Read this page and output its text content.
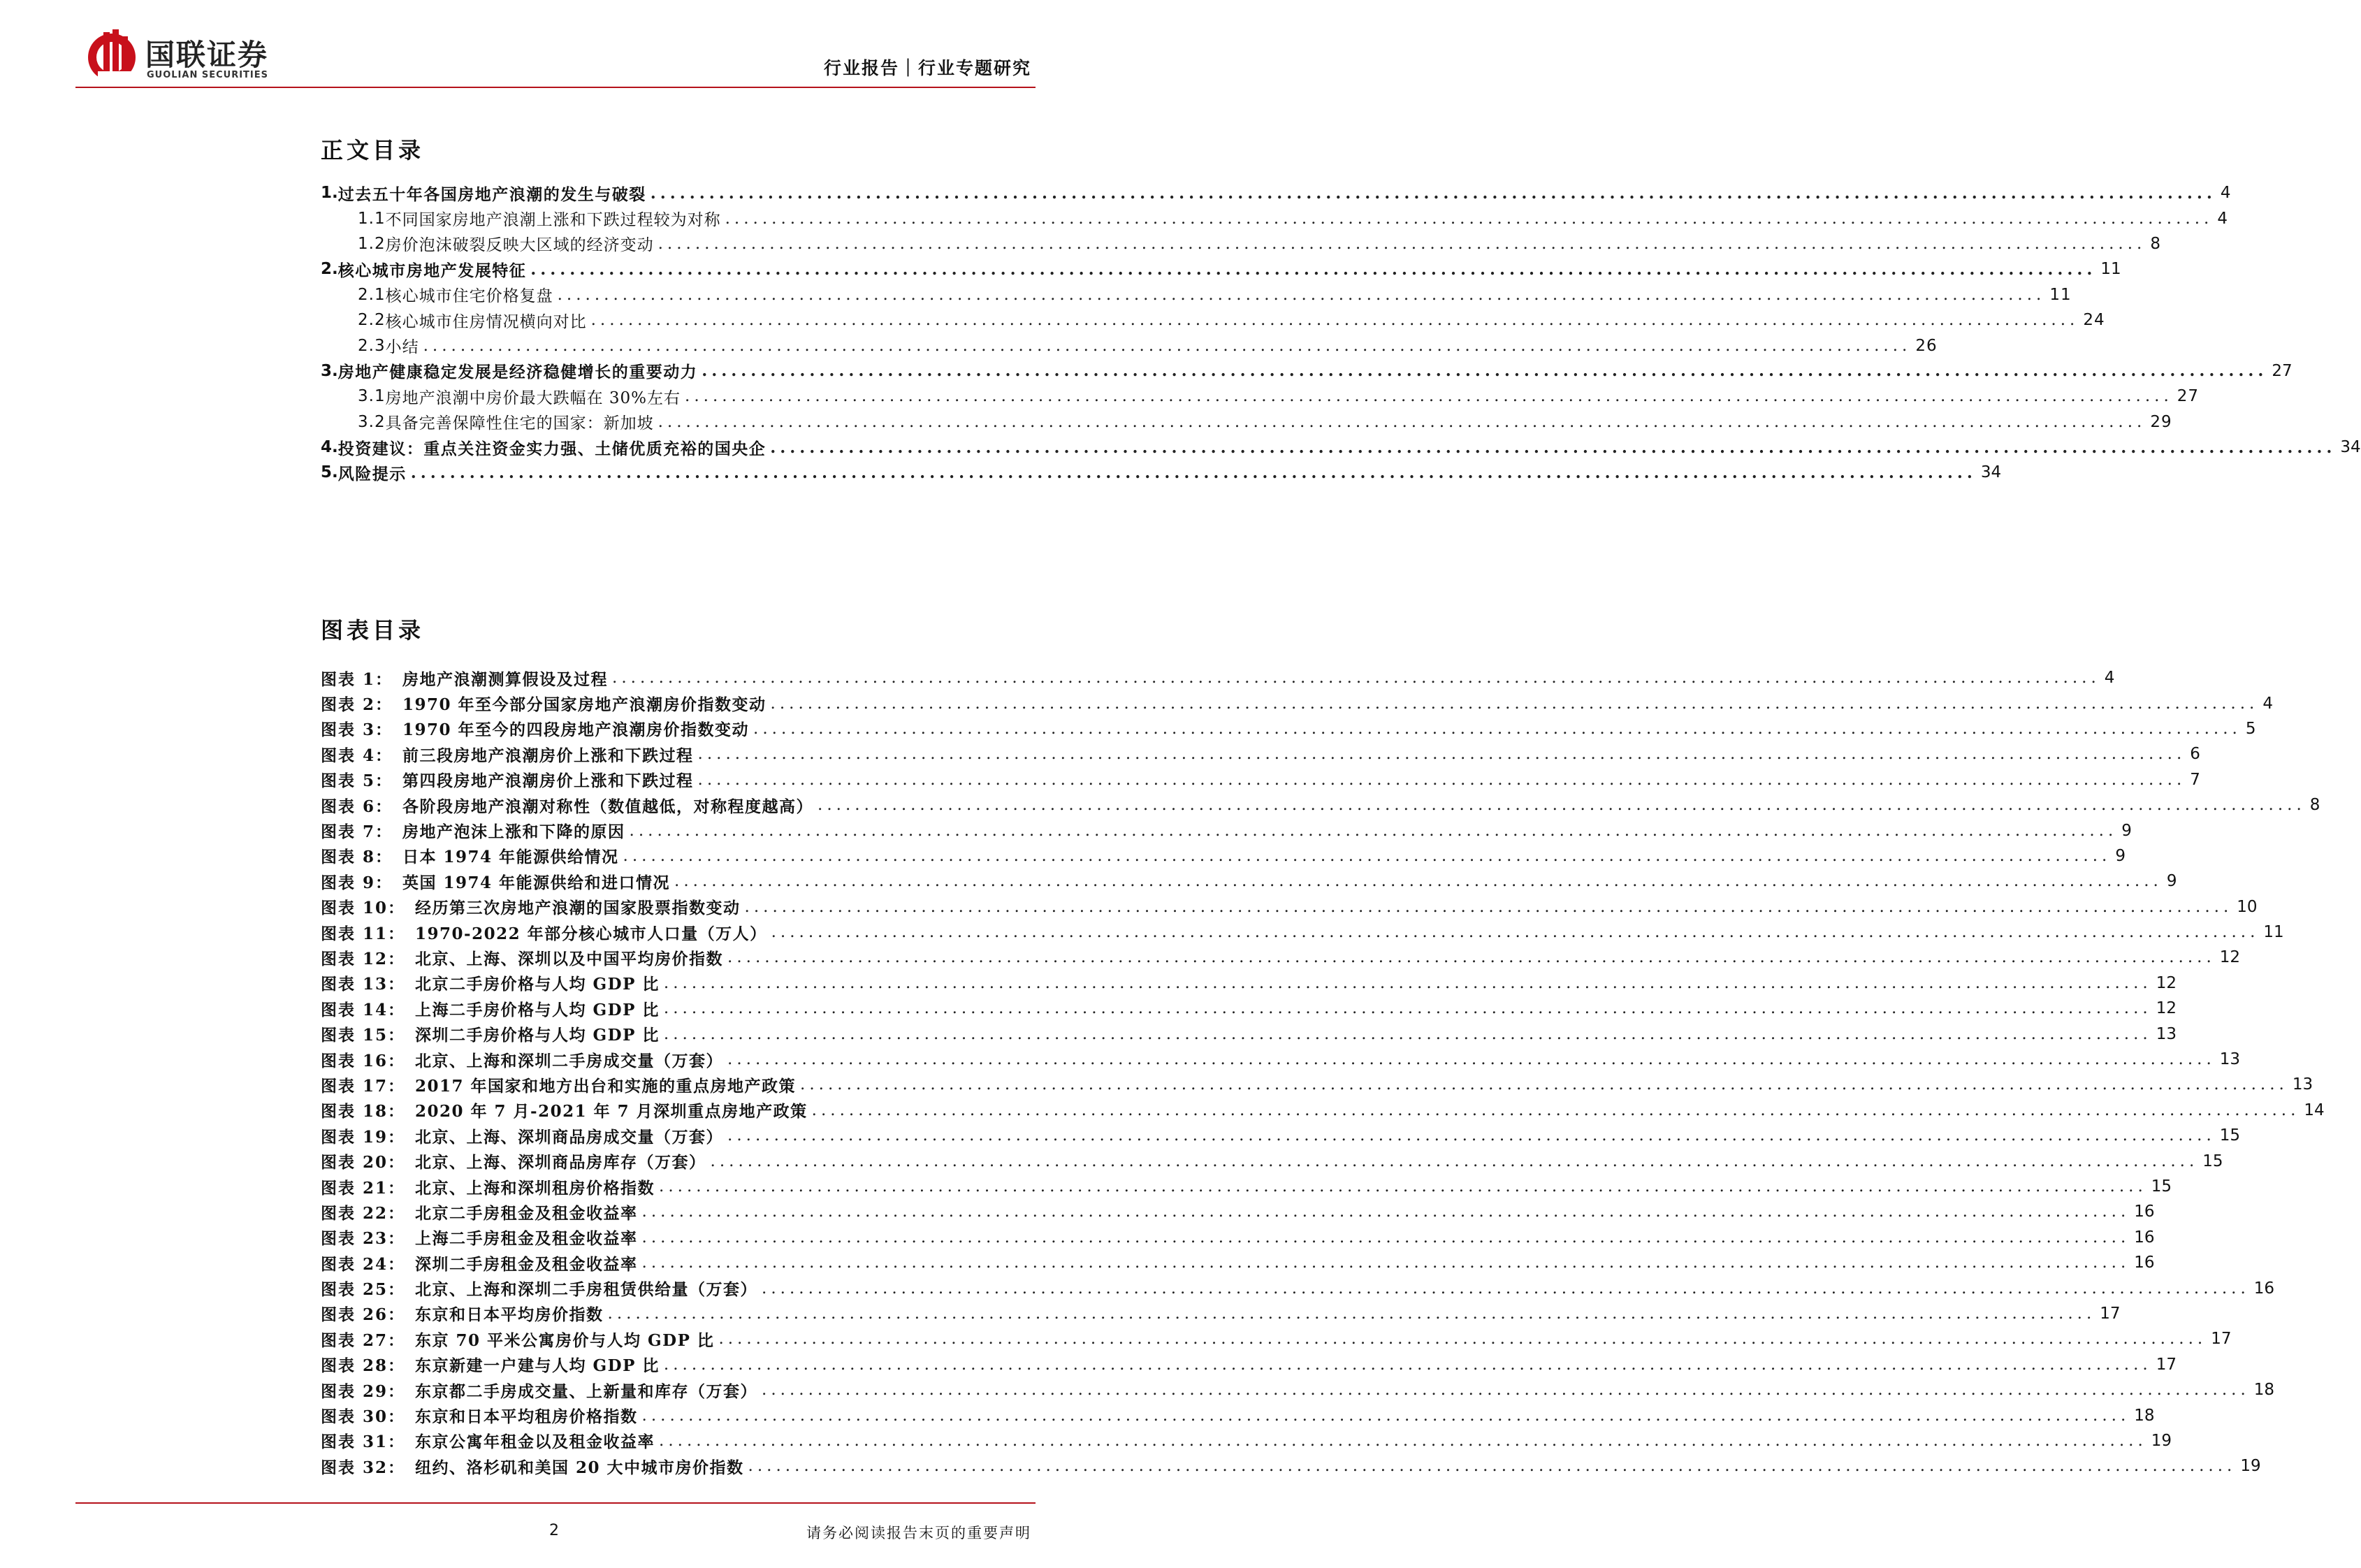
国联证券
GUOLIAN SECURITIES	行业报告｜行业专题研究
正文目录
1. 过去五十年各国房地产浪潮的发生与破裂 ................................................................................................................................................................ 4
1.1 不同国家房地产浪潮上涨和下跌过程较为对称 ................................................................................................................................................................ 4
1.2 房价泡沫破裂反映大区域的经济变动 ................................................................................................................................................................ 8
2. 核心城市房地产发展特征 ................................................................................................................................................................ 11
2.1 核心城市住宅价格复盘 ................................................................................................................................................................ 11
2.2 核心城市住房情况横向对比 ................................................................................................................................................................ 24
2.3 小结 ................................................................................................................................................................ 26
3. 房地产健康稳定发展是经济稳健增长的重要动力 ................................................................................................................................................................ 27
3.1 房地产浪潮中房价最大跌幅在 30%左右 ................................................................................................................................................................ 27
3.2 具备完善保障性住宅的国家：新加坡 ................................................................................................................................................................ 29
4. 投资建议：重点关注资金实力强、土储优质充裕的国央企 ................................................................................................................................................................ 34
5. 风险提示 ................................................................................................................................................................ 34
图表目录
图表 1： 房地产浪潮测算假设及过程 ................................................................................................................................................................ 4
图表 2： 1970 年至今部分国家房地产浪潮房价指数变动 ................................................................................................................................................................ 4
图表 3： 1970 年至今的四段房地产浪潮房价指数变动 ................................................................................................................................................................ 5
图表 4： 前三段房地产浪潮房价上涨和下跌过程 ................................................................................................................................................................ 6
图表 5： 第四段房地产浪潮房价上涨和下跌过程 ................................................................................................................................................................ 7
图表 6： 各阶段房地产浪潮对称性（数值越低，对称程度越高） ................................................................................................................................................................ 8
图表 7： 房地产泡沫上涨和下降的原因 ................................................................................................................................................................ 9
图表 8： 日本 1974 年能源供给情况 ................................................................................................................................................................ 9
图表 9： 英国 1974 年能源供给和进口情况 ................................................................................................................................................................ 9
图表 10： 经历第三次房地产浪潮的国家股票指数变动 ................................................................................................................................................................ 10
图表 11： 1970-2022 年部分核心城市人口量（万人） ................................................................................................................................................................ 11
图表 12： 北京、上海、深圳以及中国平均房价指数 ................................................................................................................................................................ 12
图表 13： 北京二手房价格与人均 GDP 比 ................................................................................................................................................................ 12
图表 14： 上海二手房价格与人均 GDP 比 ................................................................................................................................................................ 12
图表 15： 深圳二手房价格与人均 GDP 比 ................................................................................................................................................................ 13
图表 16： 北京、上海和深圳二手房成交量（万套） ................................................................................................................................................................ 13
图表 17： 2017 年国家和地方出台和实施的重点房地产政策 ................................................................................................................................................................ 13
图表 18： 2020 年 7 月-2021 年 7 月深圳重点房地产政策 ................................................................................................................................................................ 14
图表 19： 北京、上海、深圳商品房成交量（万套） ................................................................................................................................................................ 15
图表 20： 北京、上海、深圳商品房库存（万套） ................................................................................................................................................................ 15
图表 21： 北京、上海和深圳租房价格指数 ................................................................................................................................................................ 15
图表 22： 北京二手房租金及租金收益率 ................................................................................................................................................................ 16
图表 23： 上海二手房租金及租金收益率 ................................................................................................................................................................ 16
图表 24： 深圳二手房租金及租金收益率 ................................................................................................................................................................ 16
图表 25： 北京、上海和深圳二手房租赁供给量（万套） ................................................................................................................................................................ 16
图表 26： 东京和日本平均房价指数 ................................................................................................................................................................ 17
图表 27： 东京 70 平米公寓房价与人均 GDP 比 ................................................................................................................................................................ 17
图表 28： 东京新建一户建与人均 GDP 比 ................................................................................................................................................................ 17
图表 29： 东京都二手房成交量、上新量和库存（万套） ................................................................................................................................................................ 18
图表 30： 东京和日本平均租房价格指数 ................................................................................................................................................................ 18
图表 31： 东京公寓年租金以及租金收益率 ................................................................................................................................................................ 19
图表 32： 纽约、洛杉矶和美国 20 大中城市房价指数 ................................................................................................................................................................ 19
2	请务必阅读报告末页的重要声明
